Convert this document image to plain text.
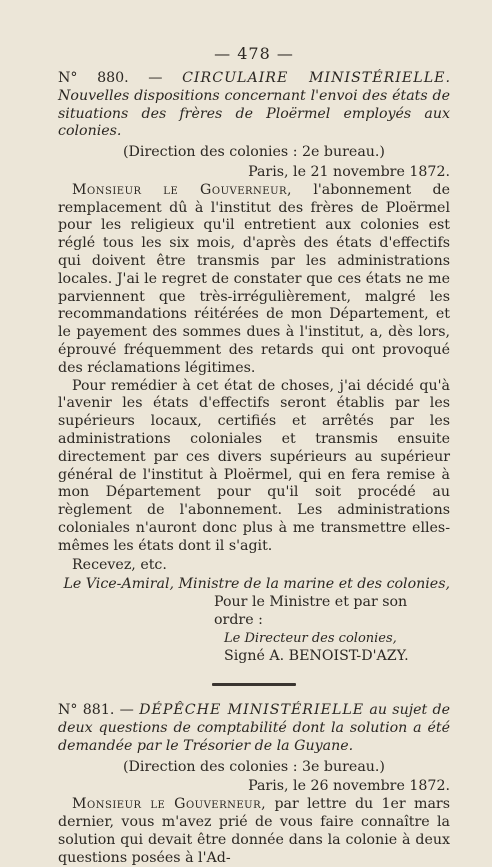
— 478 —

N° 880. — CIRCULAIRE MINISTÉRIELLE. Nouvelles dispositions concernant l'envoi des états de situations des frères de Ploërmel employés aux colonies.

(Direction des colonies : 2e bureau.)

Paris, le 21 novembre 1872.

Monsieur le Gouverneur, l'abonnement de remplacement dû à l'institut des frères de Ploërmel pour les religieux qu'il entretient aux colonies est réglé tous les six mois, d'après des états d'effectifs qui doivent être transmis par les administrations locales. J'ai le regret de constater que ces états ne me parviennent que très-irrégulièrement, malgré les recommandations réitérées de mon Département, et le payement des sommes dues à l'institut, a, dès lors, éprouvé fréquemment des retards qui ont provoqué des réclamations légitimes.

Pour remédier à cet état de choses, j'ai décidé qu'à l'avenir les états d'effectifs seront établis par les supérieurs locaux, certifiés et arrêtés par les administrations coloniales et transmis ensuite directement par ces divers supérieurs au supérieur général de l'institut à Ploërmel, qui en fera remise à mon Département pour qu'il soit procédé au règlement de l'abonnement. Les administrations coloniales n'auront donc plus à me transmettre elles-mêmes les états dont il s'agit.

Recevez, etc.

Le Vice-Amiral, Ministre de la marine et des colonies,

Pour le Ministre et par son ordre :

Le Directeur des colonies,

Signé A. BENOIST-D'AZY.

N° 881. — DÉPÊCHE MINISTÉRIELLE au sujet de deux questions de comptabilité dont la solution a été demandée par le Trésorier de la Guyane.

(Direction des colonies : 3e bureau.)

Paris, le 26 novembre 1872.

Monsieur le Gouverneur, par lettre du 1er mars dernier, vous m'avez prié de vous faire connaître la solution qui devait être donnée dans la colonie à deux questions posées à l'Ad-
